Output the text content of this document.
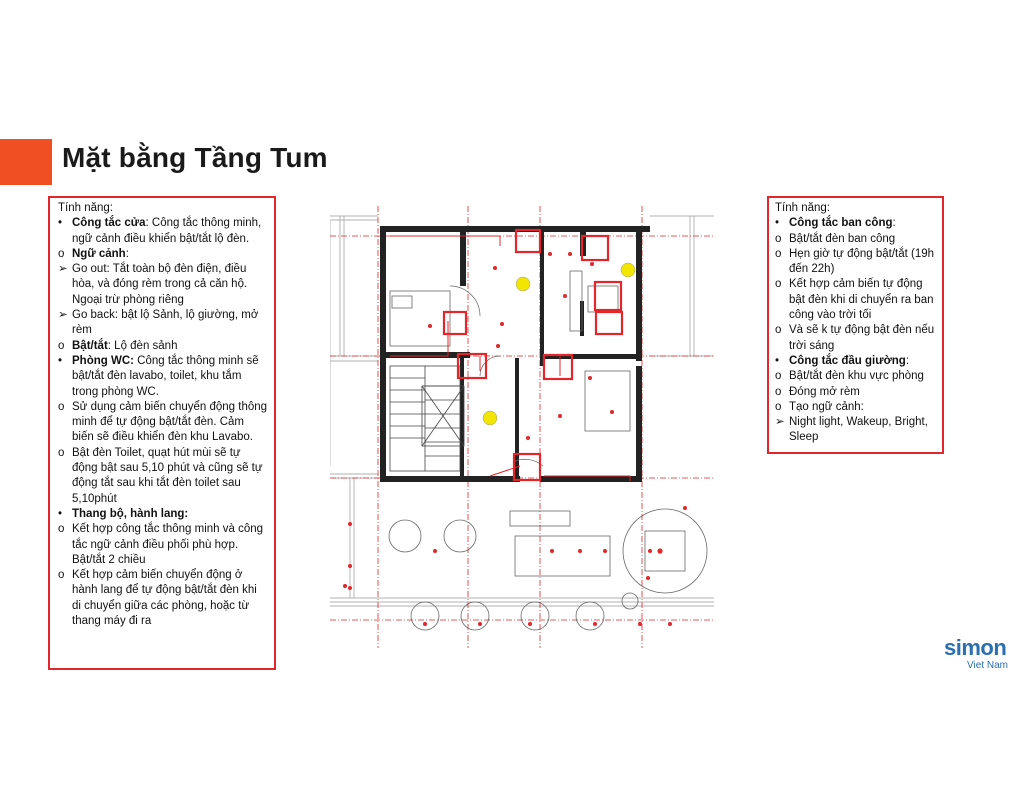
Mặt bằng Tầng Tum
Tính năng:
• Công tắc cửa: Công tắc thông minh, ngữ cảnh điều khiển bật/tắt lộ đèn.
o Ngữ cảnh:
➢ Go out: Tắt toàn bộ đèn điện, điều hòa, và đóng rèm trong cả căn hộ. Ngoại trừ phòng riêng
➢ Go back: bật lộ Sảnh, lộ giường, mở rèm
o Bật/tắt: Lộ đèn sảnh
• Phòng WC: Công tắc thông minh sẽ bật/tắt đèn lavabo, toilet, khu tắm trong phòng WC.
o Sử dụng cảm biến chuyển động thông minh để tự động bật/tắt đèn. Cảm biến sẽ điều khiển đèn khu Lavabo.
o Bật đèn Toilet, quạt hút mùi sẽ tự động bật sau 5,10 phút và cũng sẽ tự động tắt sau khi tắt đèn toilet sau 5,10phút
• Thang bộ, hành lang:
o Kết hợp công tắc thông minh và công tắc ngữ cảnh điều phối phù hợp. Bật/tắt 2 chiều
o Kết hợp cảm biến chuyển động ở hành lang để tự động bật/tắt đèn khi di chuyển giữa các phòng, hoặc từ thang máy đi ra
Tính năng:
• Công tắc ban công:
o Bật/tắt đèn ban công
o Hẹn giờ tự động bật/tắt (19h đến 22h)
o Kết hợp cảm biến tự động bật đèn khi di chuyển ra ban công vào trời tối
o Và sẽ k tự động bật đèn nếu trời sáng
• Công tắc đầu giường:
o Bật/tắt đèn khu vực phòng
o Đóng mở rèm
o Tạo ngữ cảnh:
➢ Night light, Wakeup, Bright, Sleep
simon
Viet Nam
